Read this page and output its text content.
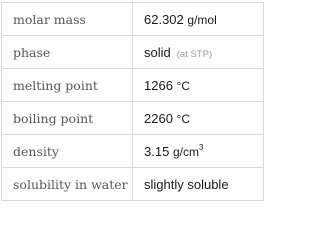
molar mass	62.302 g/mol
phase	solid (at STP)
melting point	1266 °C
boiling point	2260 °C
density	3.15 $g/cm^3$
solubility in water	slightly soluble
